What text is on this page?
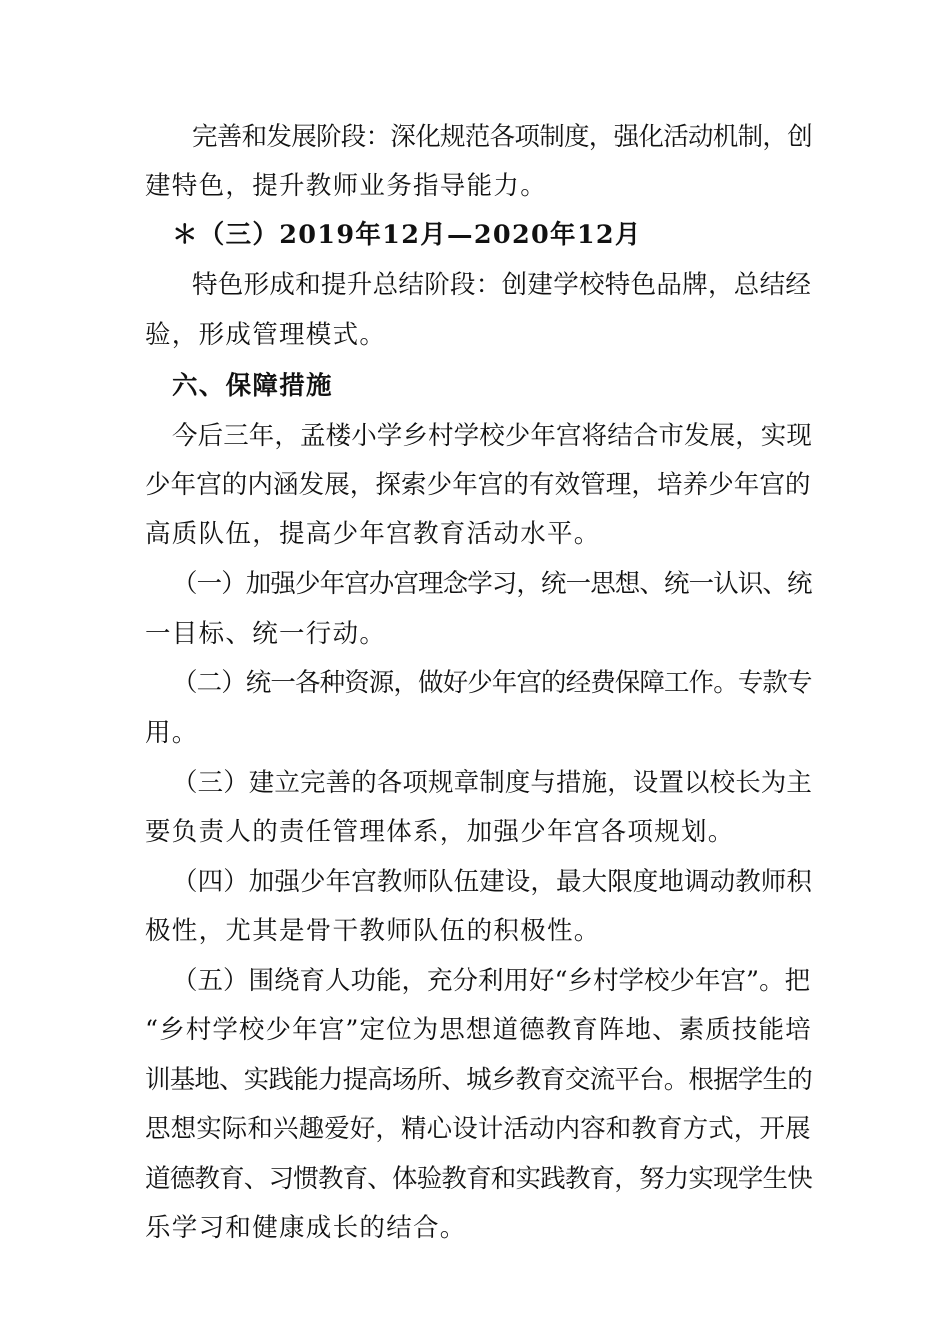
完善和发展阶段：深化规范各项制度，强化活动机制，创
建特色，提升教师业务指导能力。
＊（三）2019年12月—2020年12月
特色形成和提升总结阶段：创建学校特色品牌，总结经
验，形成管理模式。
六、保障措施
今后三年，孟楼小学乡村学校少年宫将结合市发展，实现
少年宫的内涵发展，探索少年宫的有效管理，培养少年宫的
高质队伍，提高少年宫教育活动水平。
（一）加强少年宫办宫理念学习，统一思想、统一认识、统
一目标、统一行动。
（二）统一各种资源，做好少年宫的经费保障工作。专款专
用。
（三）建立完善的各项规章制度与措施，设置以校长为主
要负责人的责任管理体系，加强少年宫各项规划。
（四）加强少年宫教师队伍建设，最大限度地调动教师积
极性，尤其是骨干教师队伍的积极性。
（五）围绕育人功能，充分利用好“乡村学校少年宫”。把
“乡村学校少年宫”定位为思想道德教育阵地、素质技能培
训基地、实践能力提高场所、城乡教育交流平台。根据学生的
思想实际和兴趣爱好，精心设计活动内容和教育方式，开展
道德教育、习惯教育、体验教育和实践教育，努力实现学生快
乐学习和健康成长的结合。
